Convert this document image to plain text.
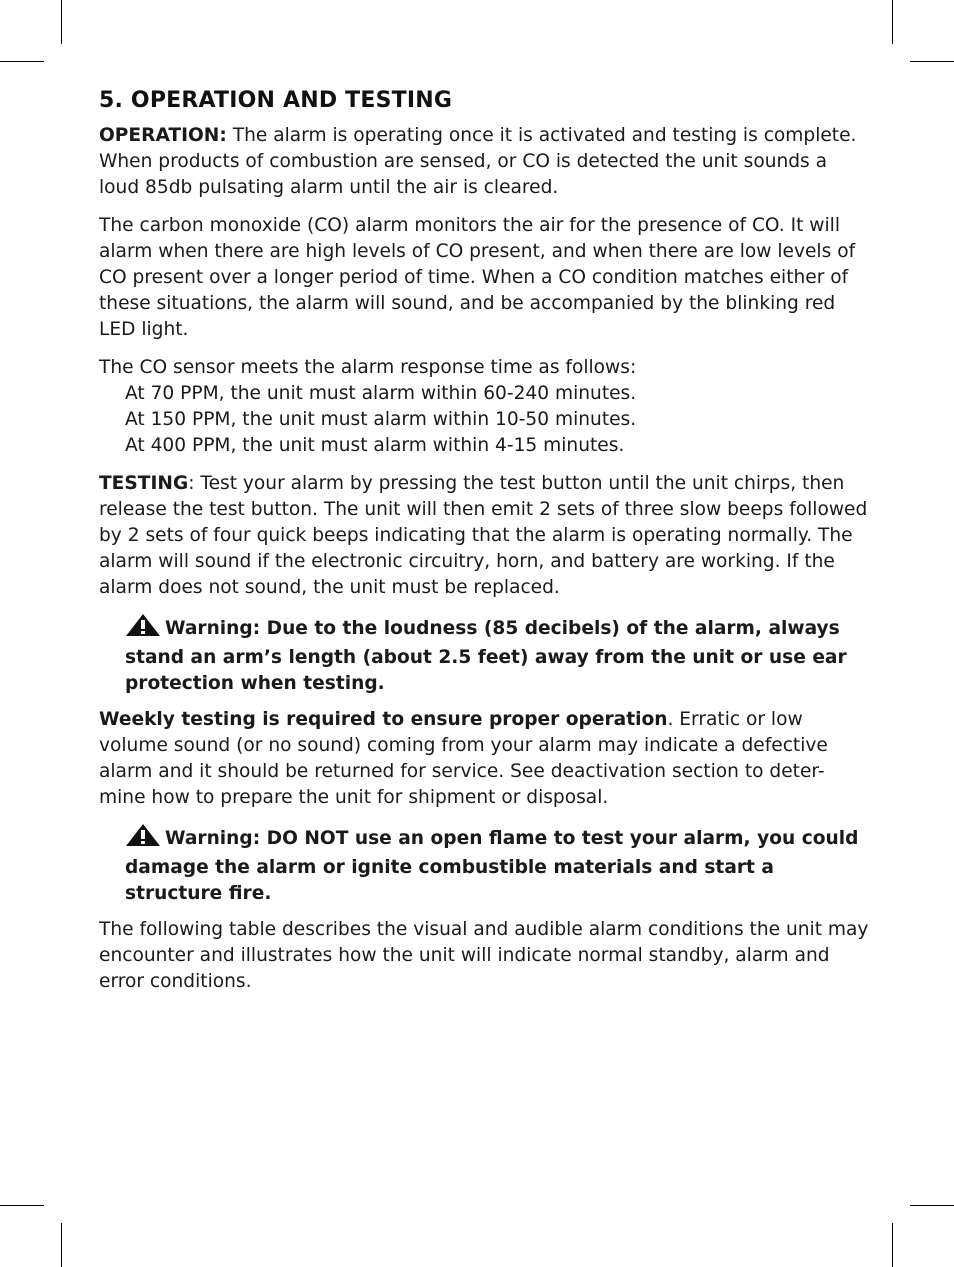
5. OPERATION AND TESTING

OPERATION: The alarm is operating once it is activated and testing is complete. When products of combustion are sensed, or CO is detected the unit sounds a loud 85db pulsating alarm until the air is cleared.

The carbon monoxide (CO) alarm monitors the air for the presence of CO. It will alarm when there are high levels of CO present, and when there are low levels of CO present over a longer period of time. When a CO condition matches either of these situations, the alarm will sound, and be accompanied by the blinking red LED light.

The CO sensor meets the alarm response time as follows:

At 70 PPM, the unit must alarm within 60-240 minutes.

At 150 PPM, the unit must alarm within 10-50 minutes.

At 400 PPM, the unit must alarm within 4-15 minutes.

TESTING: Test your alarm by pressing the test button until the unit chirps, then release the test button. The unit will then emit 2 sets of three slow beeps followed by 2 sets of four quick beeps indicating that the alarm is operating normally. The alarm will sound if the electronic circuitry, horn, and battery are working. If the alarm does not sound, the unit must be replaced.

Warning: Due to the loudness (85 decibels) of the alarm, always stand an arm’s length (about 2.5 feet) away from the unit or use ear protection when testing.

Weekly testing is required to ensure proper operation. Erratic or low volume sound (or no sound) coming from your alarm may indicate a defective alarm and it should be returned for service. See deactivation section to deter-mine how to prepare the unit for shipment or disposal.

Warning: DO NOT use an open flame to test your alarm, you could damage the alarm or ignite combustible materials and start a structure fire.

The following table describes the visual and audible alarm conditions the unit may encounter and illustrates how the unit will indicate normal standby, alarm and error conditions.
